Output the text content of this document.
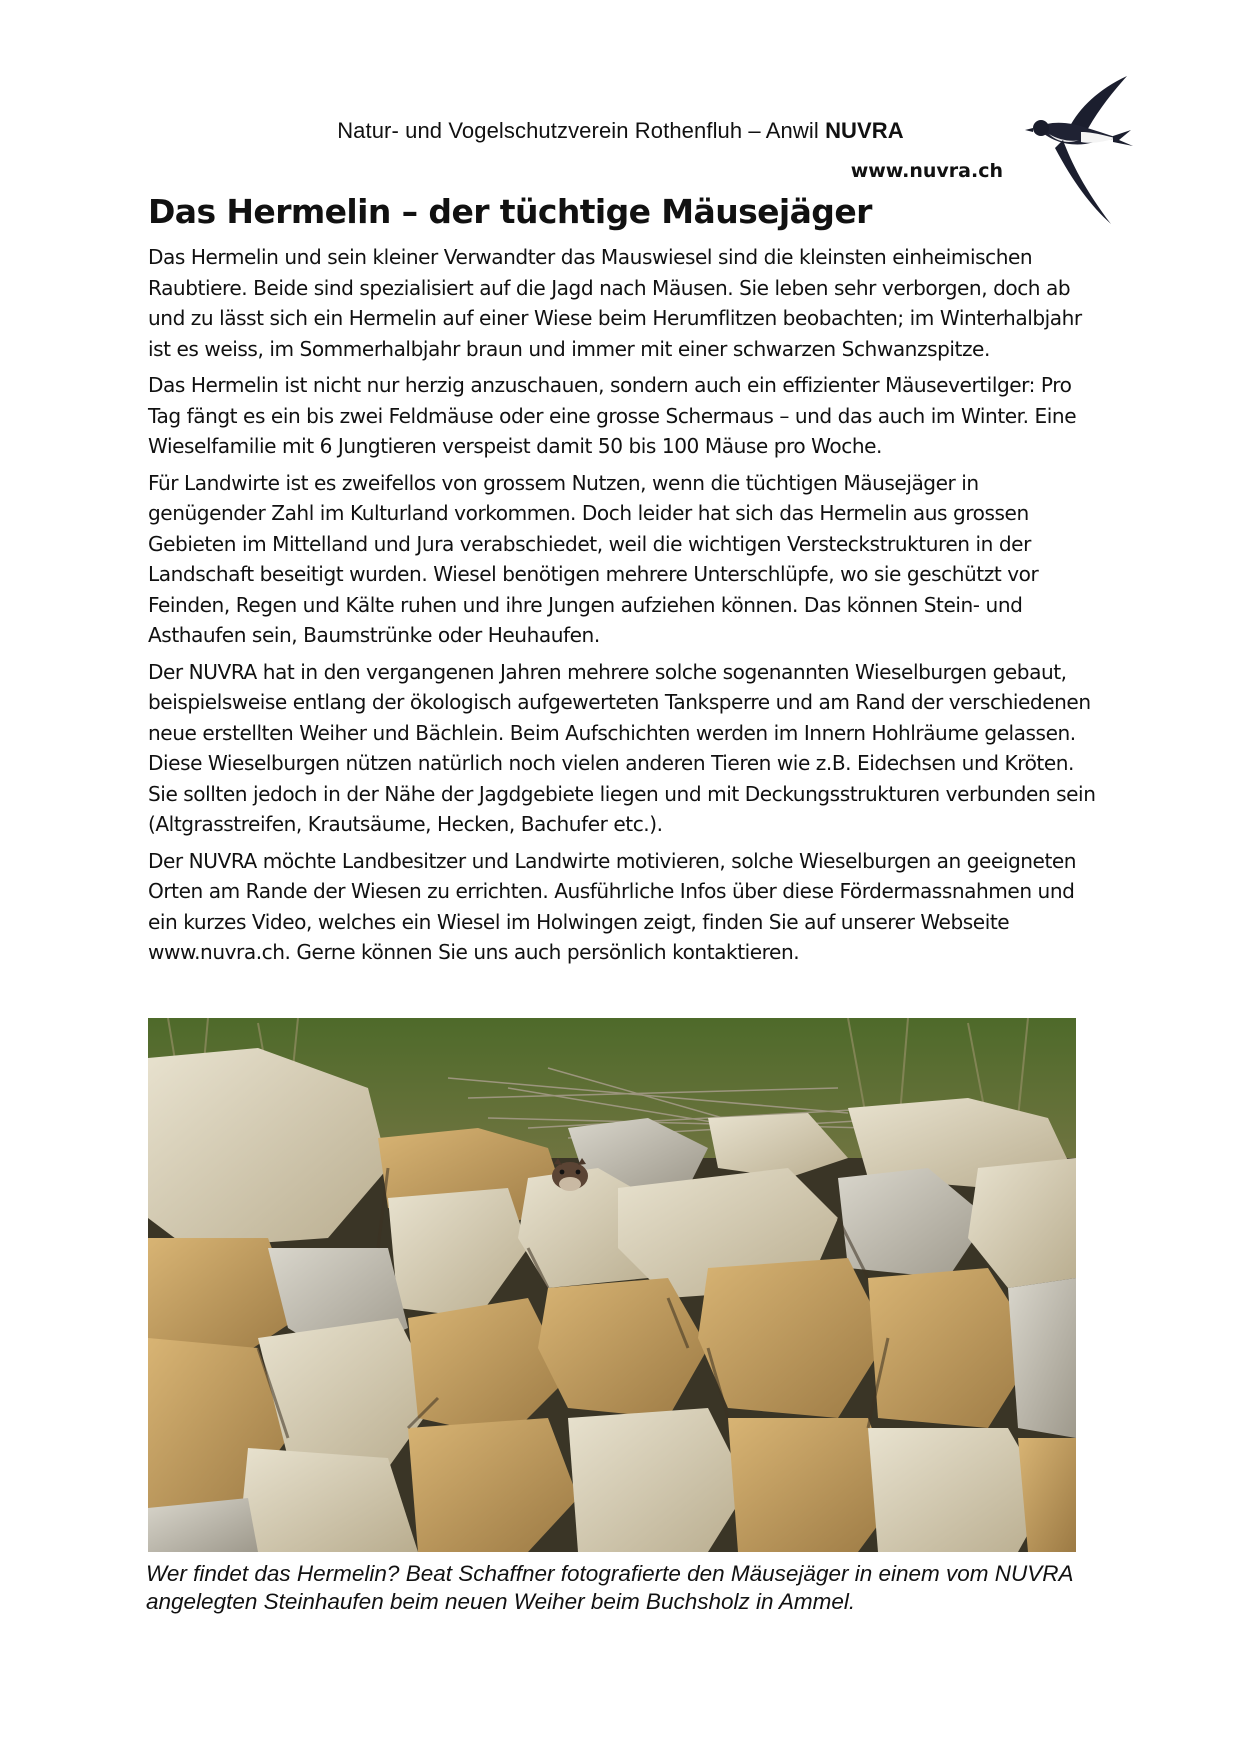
Natur- und Vogelschutzverein Rothenfluh – Anwil NUVRA
www.nuvra.ch
Das Hermelin – der tüchtige Mäusejäger

Das Hermelin und sein kleiner Verwandter das Mauswiesel sind die kleinsten einheimischen Raubtiere. Beide sind spezialisiert auf die Jagd nach Mäusen. Sie leben sehr verborgen, doch ab und zu lässt sich ein Hermelin auf einer Wiese beim Herumflitzen beobachten; im Winterhalbjahr ist es weiss, im Sommerhalbjahr braun und immer mit einer schwarzen Schwanzspitze.

Das Hermelin ist nicht nur herzig anzuschauen, sondern auch ein effizienter Mäusevertilger: Pro Tag fängt es ein bis zwei Feldmäuse oder eine grosse Schermaus – und das auch im Winter. Eine Wieselfamilie mit 6 Jungtieren verspeist damit 50 bis 100 Mäuse pro Woche.

Für Landwirte ist es zweifellos von grossem Nutzen, wenn die tüchtigen Mäusejäger in genügender Zahl im Kulturland vorkommen. Doch leider hat sich das Hermelin aus grossen Gebieten im Mittelland und Jura verabschiedet, weil die wichtigen Versteckstrukturen in der Landschaft beseitigt wurden. Wiesel benötigen mehrere Unterschlüpfe, wo sie geschützt vor Feinden, Regen und Kälte ruhen und ihre Jungen aufziehen können. Das können Stein- und Asthaufen sein, Baumstrünke oder Heuhaufen.

Der NUVRA hat in den vergangenen Jahren mehrere solche sogenannten Wieselburgen gebaut, beispielsweise entlang der ökologisch aufgewerteten Tanksperre und am Rand der verschiedenen neue erstellten Weiher und Bächlein. Beim Aufschichten werden im Innern Hohlräume gelassen. Diese Wieselburgen nützen natürlich noch vielen anderen Tieren wie z.B. Eidechsen und Kröten. Sie sollten jedoch in der Nähe der Jagdgebiete liegen und mit Deckungsstrukturen verbunden sein (Altgrasstreifen, Krautsäume, Hecken, Bachufer etc.).

Der NUVRA möchte Landbesitzer und Landwirte motivieren, solche Wieselburgen an geeigneten Orten am Rande der Wiesen zu errichten. Ausführliche Infos über diese Fördermassnahmen und ein kurzes Video, welches ein Wiesel im Holwingen zeigt, finden Sie auf unserer Webseite www.nuvra.ch. Gerne können Sie uns auch persönlich kontaktieren.

Wer findet das Hermelin? Beat Schaffner fotografierte den Mäusejäger in einem vom NUVRA angelegten Steinhaufen beim neuen Weiher beim Buchsholz in Ammel.
